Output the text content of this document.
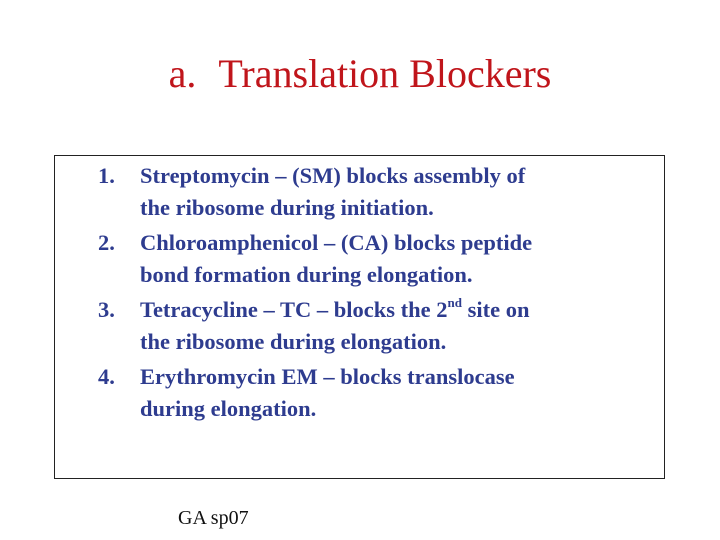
a. Translation Blockers
1. Streptomycin – (SM) blocks assembly of
the ribosome during initiation.
2. Chloroamphenicol – (CA) blocks peptide
bond formation during elongation.
3. Tetracycline – TC – blocks the 2nd site on
the ribosome during elongation.
4. Erythromycin EM – blocks translocase
during elongation.
GA sp07
